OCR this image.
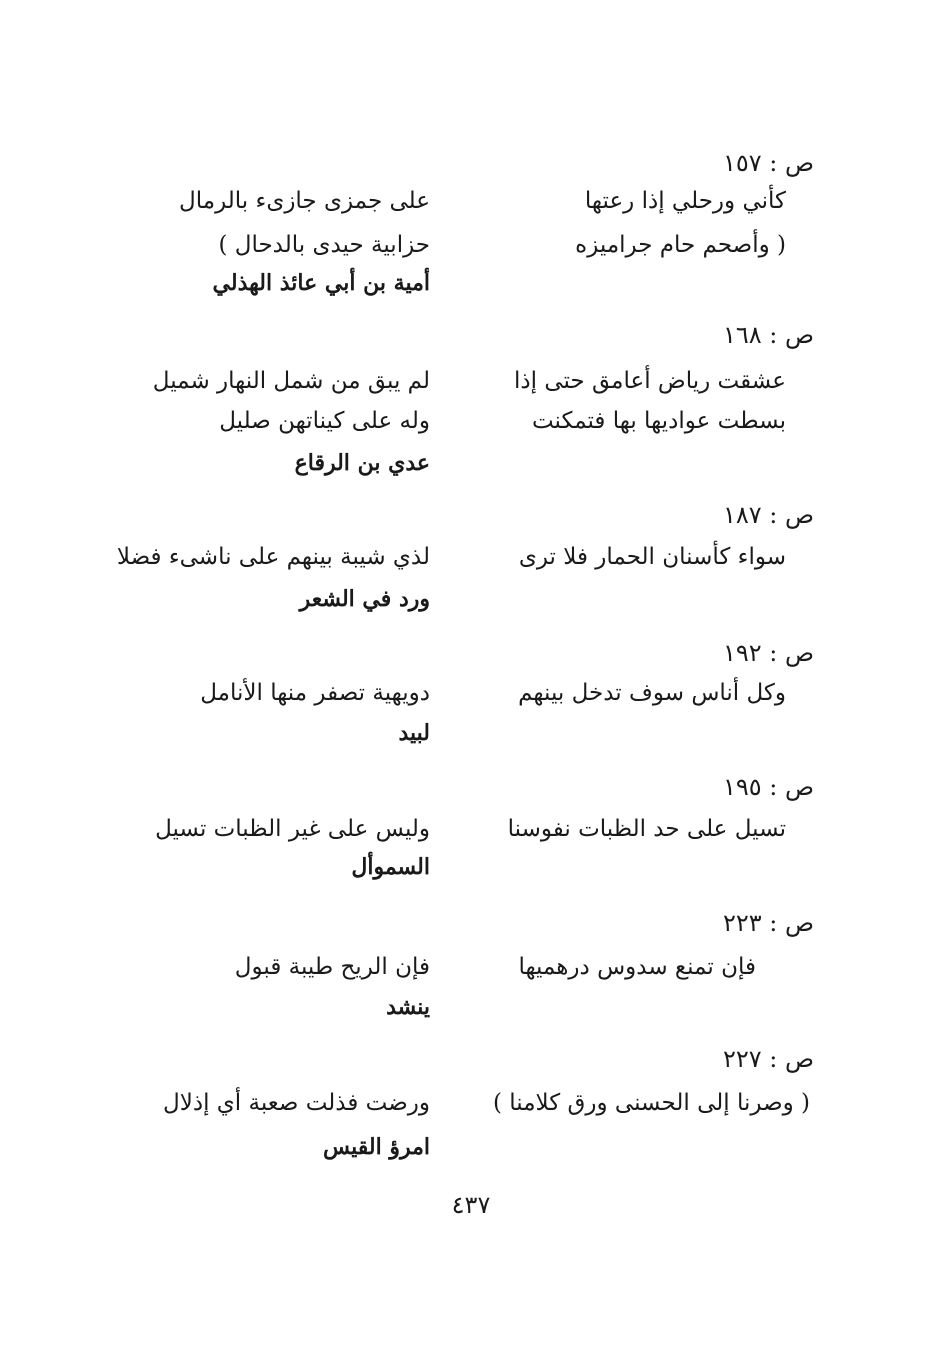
ص : ١٥٧
كأني ورحلي إذا رعتها
على جمزى جازىء بالرمال
( وأصحم حام جراميزه
حزابية حيدى بالدحال )
أمية بن أبي عائذ الهذلي
ص : ١٦٨
عشقت رياض أعامق حتى إذا
لم يبق من شمل النهار شميل
بسطت عواديها بها فتمكنت
وله على كيناتهن صليل
عدي بن الرقاع
ص : ١٨٧
سواء كأسنان الحمار فلا ترى
لذي شيبة بينهم على ناشىء فضلا
ورد في الشعر
ص : ١٩٢
وكل أناس سوف تدخل بينهم
دويهية تصفر منها الأنامل
لبيد
ص : ١٩٥
تسيل على حد الظبات نفوسنا
وليس على غير الظبات تسيل
السموأل
ص : ٢٢٣
فإن تمنع سدوس درهميها
فإن الريح طيبة قبول
ينشد
ص : ٢٢٧
( وصرنا إلى الحسنى ورق كلامنا )
ورضت فذلت صعبة أي إذلال
امرؤ القيس
٤٣٧
